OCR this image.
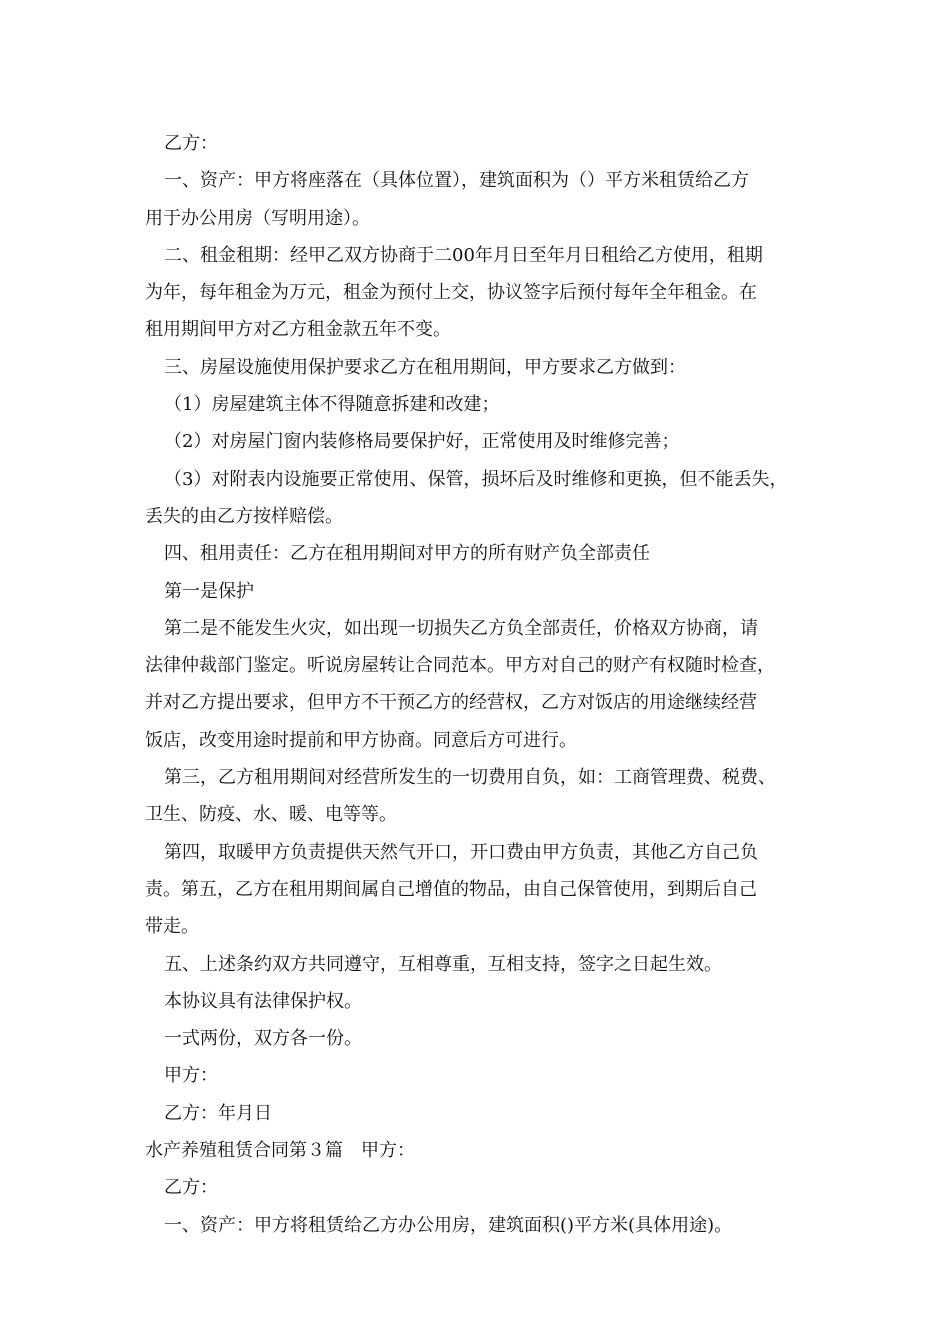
乙方：

一、资产：甲方将座落在（具体位置），建筑面积为（）平方米租赁给乙方

用于办公用房（写明用途）。

二、租金租期：经甲乙双方协商于二00年月日至年月日租给乙方使用，租期

为年，每年租金为万元，租金为预付上交，协议签字后预付每年全年租金。在

租用期间甲方对乙方租金款五年不变。

三、房屋设施使用保护要求乙方在租用期间，甲方要求乙方做到：

（1）房屋建筑主体不得随意拆建和改建；

（2）对房屋门窗内装修格局要保护好，正常使用及时维修完善；

（3）对附表内设施要正常使用、保管，损坏后及时维修和更换，但不能丢失，

丢失的由乙方按样赔偿。

四、租用责任：乙方在租用期间对甲方的所有财产负全部责任

第一是保护

第二是不能发生火灾，如出现一切损失乙方负全部责任，价格双方协商，请

法律仲裁部门鉴定。听说房屋转让合同范本。甲方对自己的财产有权随时检查，

并对乙方提出要求，但甲方不干预乙方的经营权，乙方对饭店的用途继续经营

饭店，改变用途时提前和甲方协商。同意后方可进行。

第三，乙方租用期间对经营所发生的一切费用自负，如：工商管理费、税费、

卫生、防疫、水、暖、电等等。

第四，取暖甲方负责提供天然气开口，开口费由甲方负责，其他乙方自己负

责。第五，乙方在租用期间属自己增值的物品，由自己保管使用，到期后自己

带走。

五、上述条约双方共同遵守，互相尊重，互相支持，签字之日起生效。

本协议具有法律保护权。

一式两份，双方各一份。

甲方：

乙方：年月日

水产养殖租赁合同第３篇　甲方：

乙方：

一、资产：甲方将租赁给乙方办公用房，建筑面积()平方米(具体用途)。
